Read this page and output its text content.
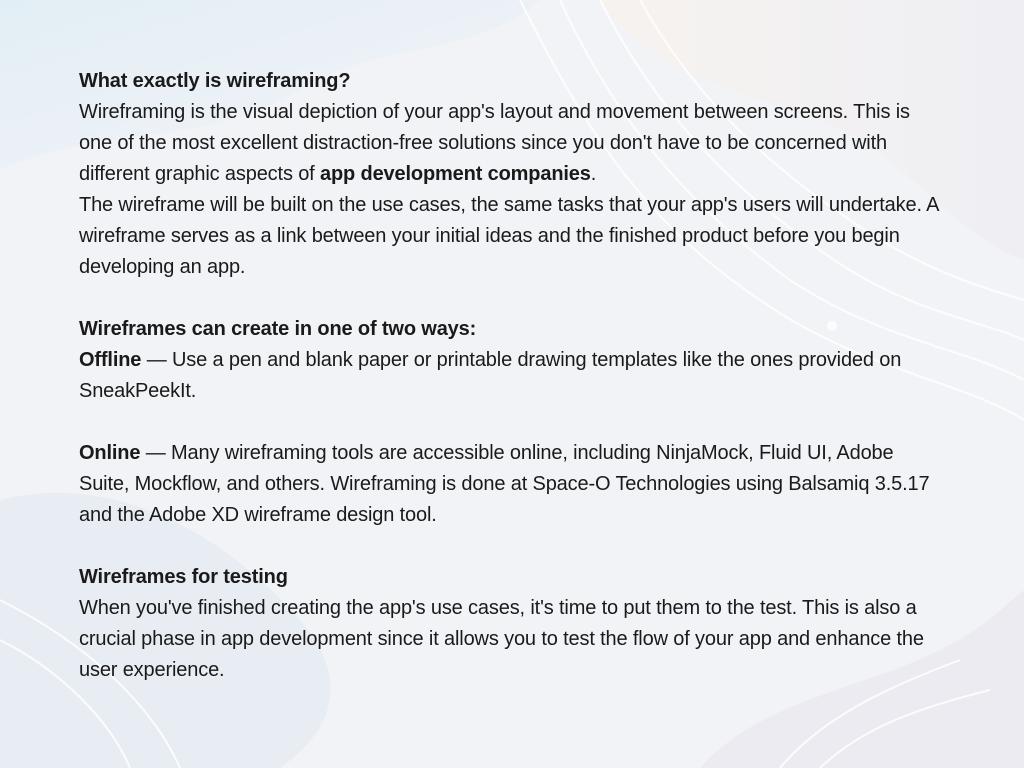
What exactly is wireframing?

Wireframing is the visual depiction of your app's layout and movement between screens. This is one of the most excellent distraction-free solutions since you don't have to be concerned with different graphic aspects of app development companies.

The wireframe will be built on the use cases, the same tasks that your app's users will undertake. A wireframe serves as a link between your initial ideas and the finished product before you begin developing an app.

Wireframes can create in one of two ways:

Offline — Use a pen and blank paper or printable drawing templates like the ones provided on SneakPeekIt.

Online — Many wireframing tools are accessible online, including NinjaMock, Fluid UI, Adobe Suite, Mockflow, and others. Wireframing is done at Space-O Technologies using Balsamiq 3.5.17 and the Adobe XD wireframe design tool.

Wireframes for testing

When you've finished creating the app's use cases, it's time to put them to the test. This is also a crucial phase in app development since it allows you to test the flow of your app and enhance the user experience.
